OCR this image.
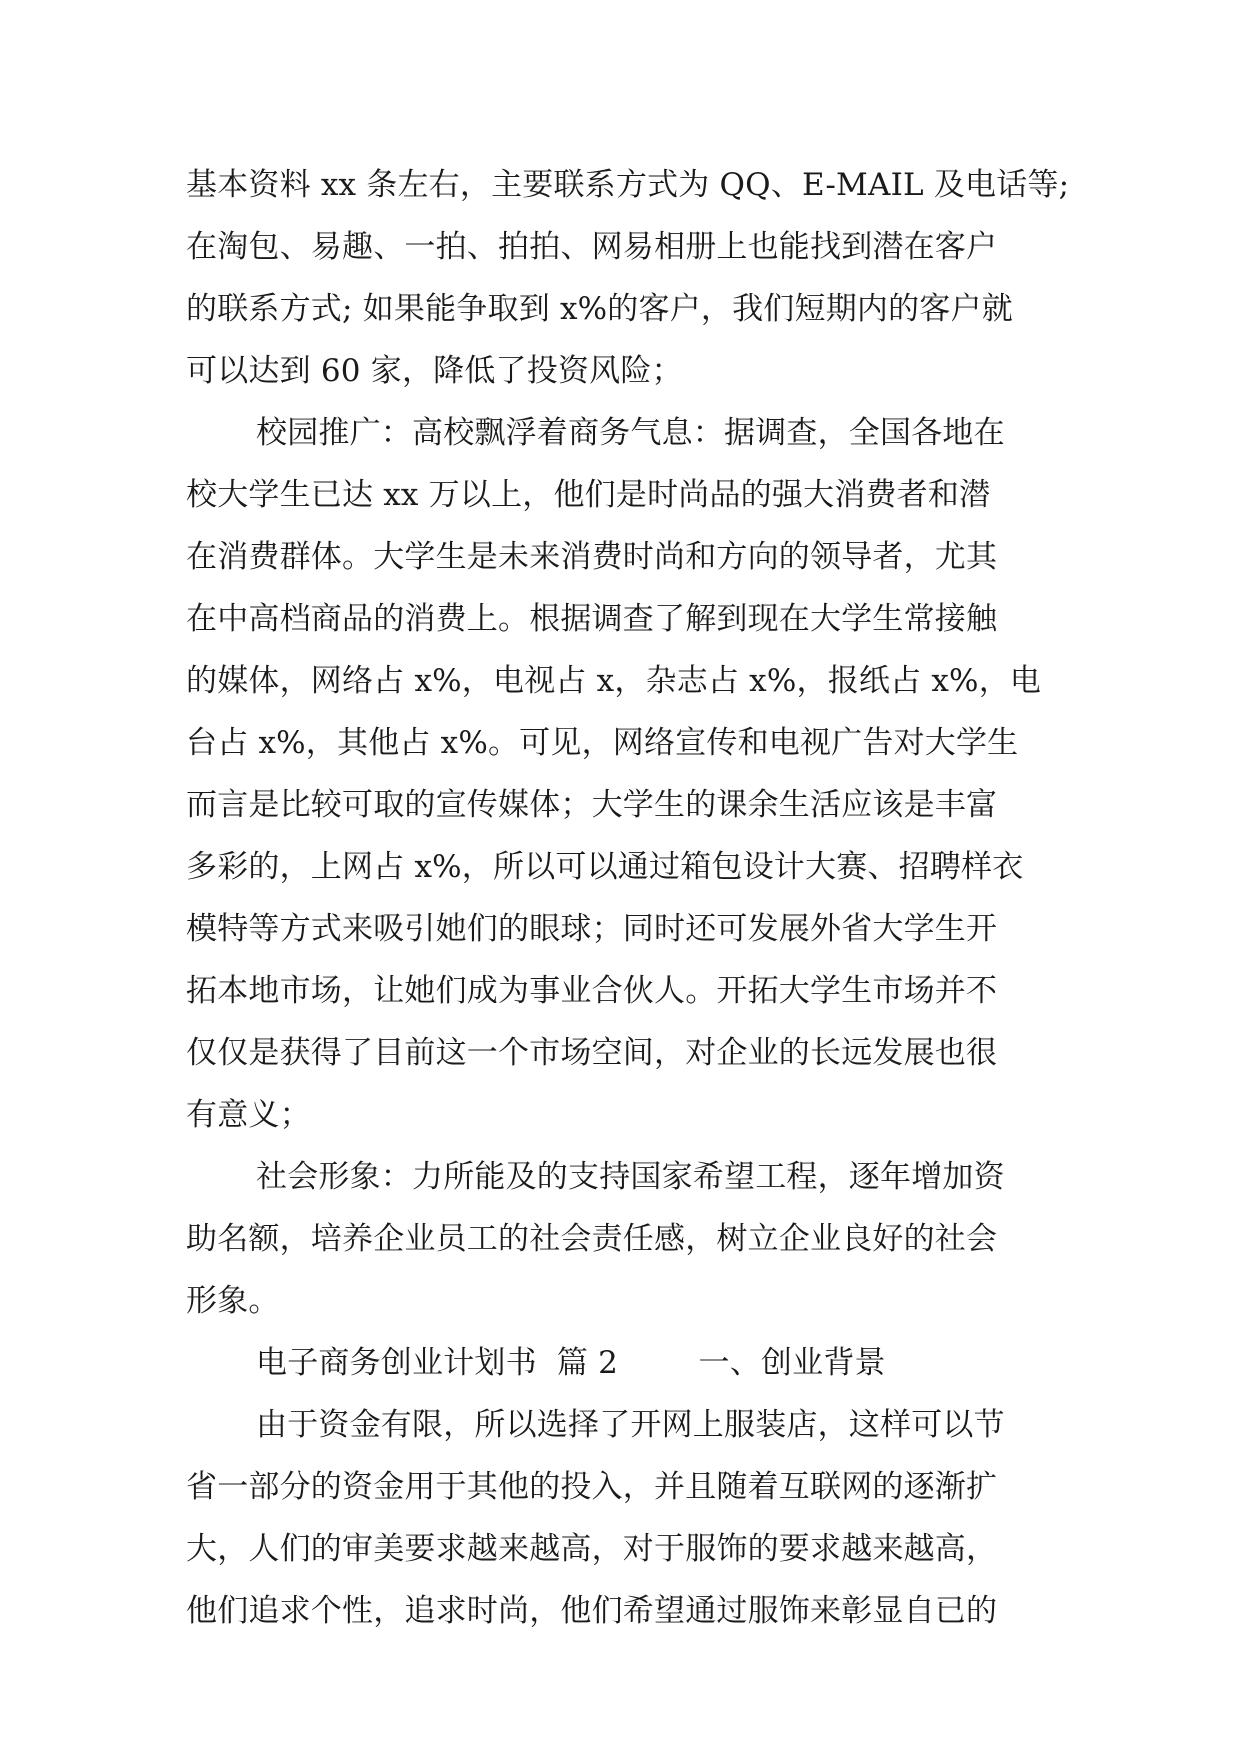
基本资料 xx 条左右，主要联系方式为 QQ、E-MAIL 及电话等;
在淘包、易趣、一拍、拍拍、网易相册上也能找到潜在客户
的联系方式; 如果能争取到 x%的客户，我们短期内的客户就
可以达到 60 家，降低了投资风险；
校园推广：高校飘浮着商务气息：据调查，全国各地在
校大学生已达 xx 万以上，他们是时尚品的强大消费者和潜
在消费群体。大学生是未来消费时尚和方向的领导者，尤其
在中高档商品的消费上。根据调查了解到现在大学生常接触
的媒体，网络占 x%，电视占 x，杂志占 x%，报纸占 x%，电
台占 x%，其他占 x%。可见，网络宣传和电视广告对大学生
而言是比较可取的宣传媒体；大学生的课余生活应该是丰富
多彩的，上网占 x%，所以可以通过箱包设计大赛、招聘样衣
模特等方式来吸引她们的眼球；同时还可发展外省大学生开
拓本地市场，让她们成为事业合伙人。开拓大学生市场并不
仅仅是获得了目前这一个市场空间，对企业的长远发展也很
有意义；
社会形象：力所能及的支持国家希望工程，逐年增加资
助名额，培养企业员工的社会责任感，树立企业良好的社会
形象。
电子商务创业计划书  篇 2        一、创业背景
由于资金有限，所以选择了开网上服装店，这样可以节
省一部分的资金用于其他的投入，并且随着互联网的逐渐扩
大，人们的审美要求越来越高，对于服饰的要求越来越高，
他们追求个性，追求时尚，他们希望通过服饰来彰显自已的
